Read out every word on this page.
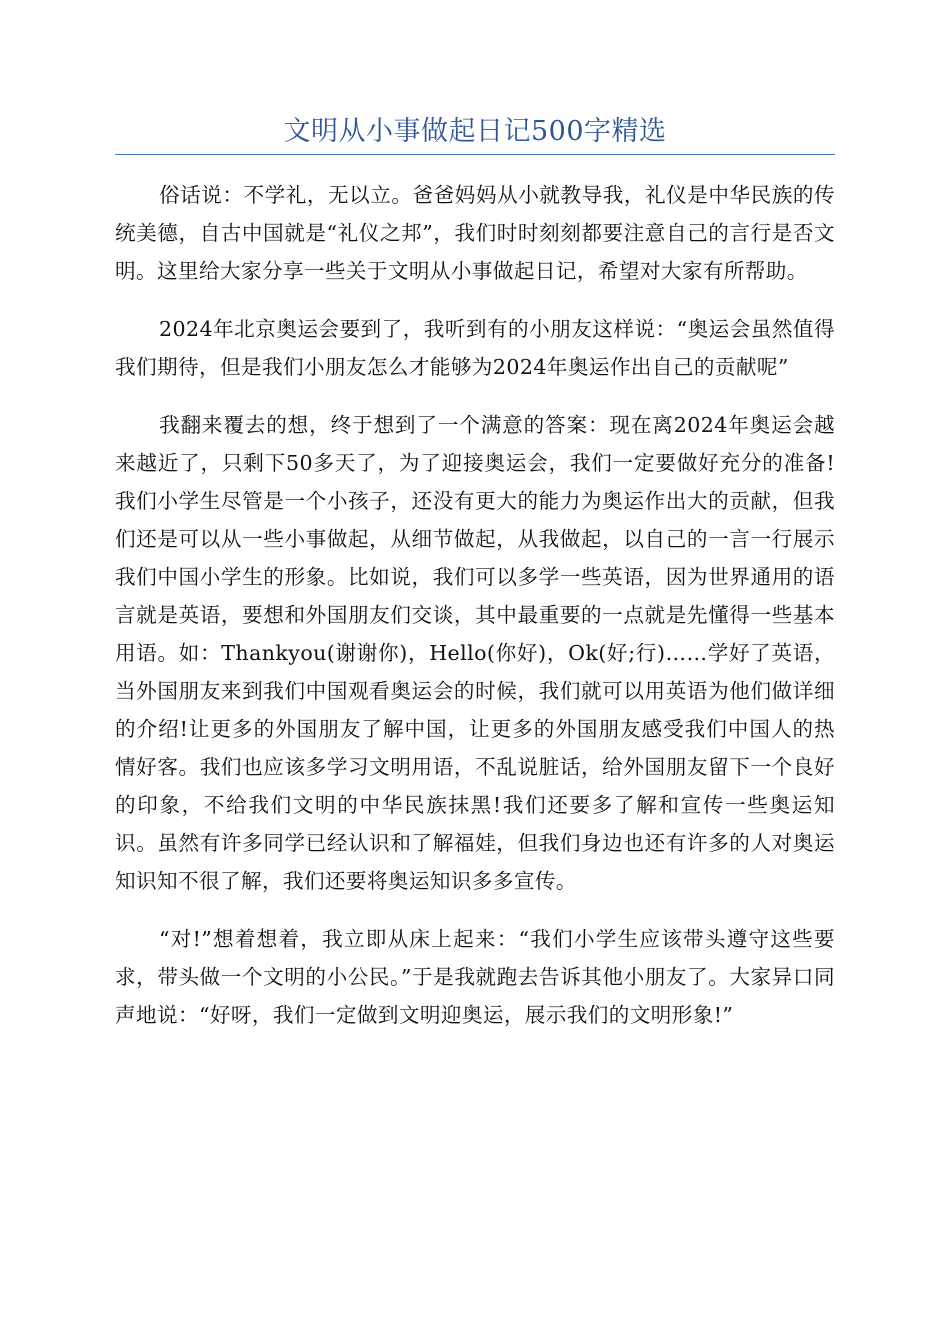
文明从小事做起日记500字精选

俗话说：不学礼，无以立。爸爸妈妈从小就教导我，礼仪是中华民族的传统美德，自古中国就是“礼仪之邦”，我们时时刻刻都要注意自己的言行是否文明。这里给大家分享一些关于文明从小事做起日记，希望对大家有所帮助。

2024年北京奥运会要到了，我听到有的小朋友这样说：“奥运会虽然值得我们期待，但是我们小朋友怎么才能够为2024年奥运作出自己的贡献呢”

我翻来覆去的想，终于想到了一个满意的答案：现在离2024年奥运会越来越近了，只剩下50多天了，为了迎接奥运会，我们一定要做好充分的准备!我们小学生尽管是一个小孩子，还没有更大的能力为奥运作出大的贡献，但我们还是可以从一些小事做起，从细节做起，从我做起，以自己的一言一行展示我们中国小学生的形象。比如说，我们可以多学一些英语，因为世界通用的语言就是英语，要想和外国朋友们交谈，其中最重要的一点就是先懂得一些基本用语。如：Thankyou(谢谢你)，Hello(你好)，Ok(好;行)……学好了英语，当外国朋友来到我们中国观看奥运会的时候，我们就可以用英语为他们做详细的介绍!让更多的外国朋友了解中国，让更多的外国朋友感受我们中国人的热情好客。我们也应该多学习文明用语，不乱说脏话，给外国朋友留下一个良好的印象，不给我们文明的中华民族抹黑!我们还要多了解和宣传一些奥运知识。虽然有许多同学已经认识和了解福娃，但我们身边也还有许多的人对奥运知识知不很了解，我们还要将奥运知识多多宣传。

“对!”想着想着，我立即从床上起来：“我们小学生应该带头遵守这些要求，带头做一个文明的小公民。”于是我就跑去告诉其他小朋友了。大家异口同声地说：“好呀，我们一定做到文明迎奥运，展示我们的文明形象!”
